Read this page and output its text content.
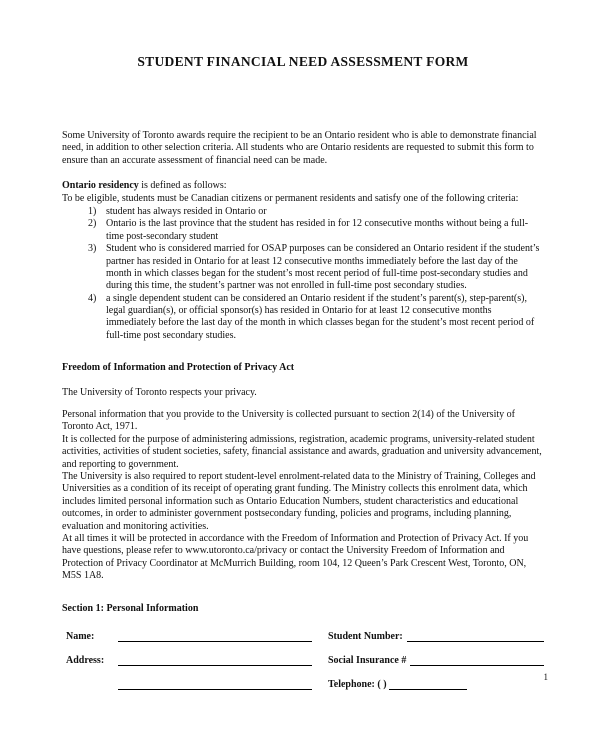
STUDENT FINANCIAL NEED ASSESSMENT FORM

Some University of Toronto awards require the recipient to be an Ontario resident who is able to demonstrate financial need, in addition to other selection criteria. All students who are Ontario residents are requested to submit this form to ensure than an accurate assessment of financial need can be made.

Ontario residency is defined as follows:

To be eligible, students must be Canadian citizens or permanent residents and satisfy one of the following criteria:

student has always resided in Ontario or
Ontario is the last province that the student has resided in for 12 consecutive months without being a full-time post-secondary student
Student who is considered married for OSAP purposes can be considered an Ontario resident if the student’s partner has resided in Ontario for at least 12 consecutive months immediately before the last day of the month in which classes began for the student’s most recent period of full-time post-secondary studies and during this time, the student’s partner was not enrolled in full-time post secondary studies.
a single dependent student can be considered an Ontario resident if the student’s parent(s), step-parent(s), legal guardian(s), or official sponsor(s) has resided in Ontario for at least 12 consecutive months immediately before the last day of the month in which classes began for the student’s most recent period of full-time post secondary studies.

Freedom of Information and Protection of Privacy Act

The University of Toronto respects your privacy.

Personal information that you provide to the University is collected pursuant to section 2(14) of the University of Toronto Act, 1971.

It is collected for the purpose of administering admissions, registration, academic programs, university-related student activities, activities of student societies, safety, financial assistance and awards, graduation and university advancement, and reporting to government.

The University is also required to report student-level enrolment-related data to the Ministry of Training, Colleges and Universities as a condition of its receipt of operating grant funding. The Ministry collects this enrolment data, which includes limited personal information such as Ontario Education Numbers, student characteristics and educational outcomes, in order to administer government postsecondary funding, policies and programs, including planning, evaluation and monitoring activities.

At all times it will be protected in accordance with the Freedom of Information and Protection of Privacy Act. If you have questions, please refer to www.utoronto.ca/privacy or contact the University Freedom of Information and Protection of Privacy Coordinator at McMurrich Building, room 104, 12 Queen’s Park Crescent West, Toronto, ON, M5S 1A8.

Section 1: Personal Information

Name:	Student Number:
Address:	Social Insurance #
Telephone: ( )
1
